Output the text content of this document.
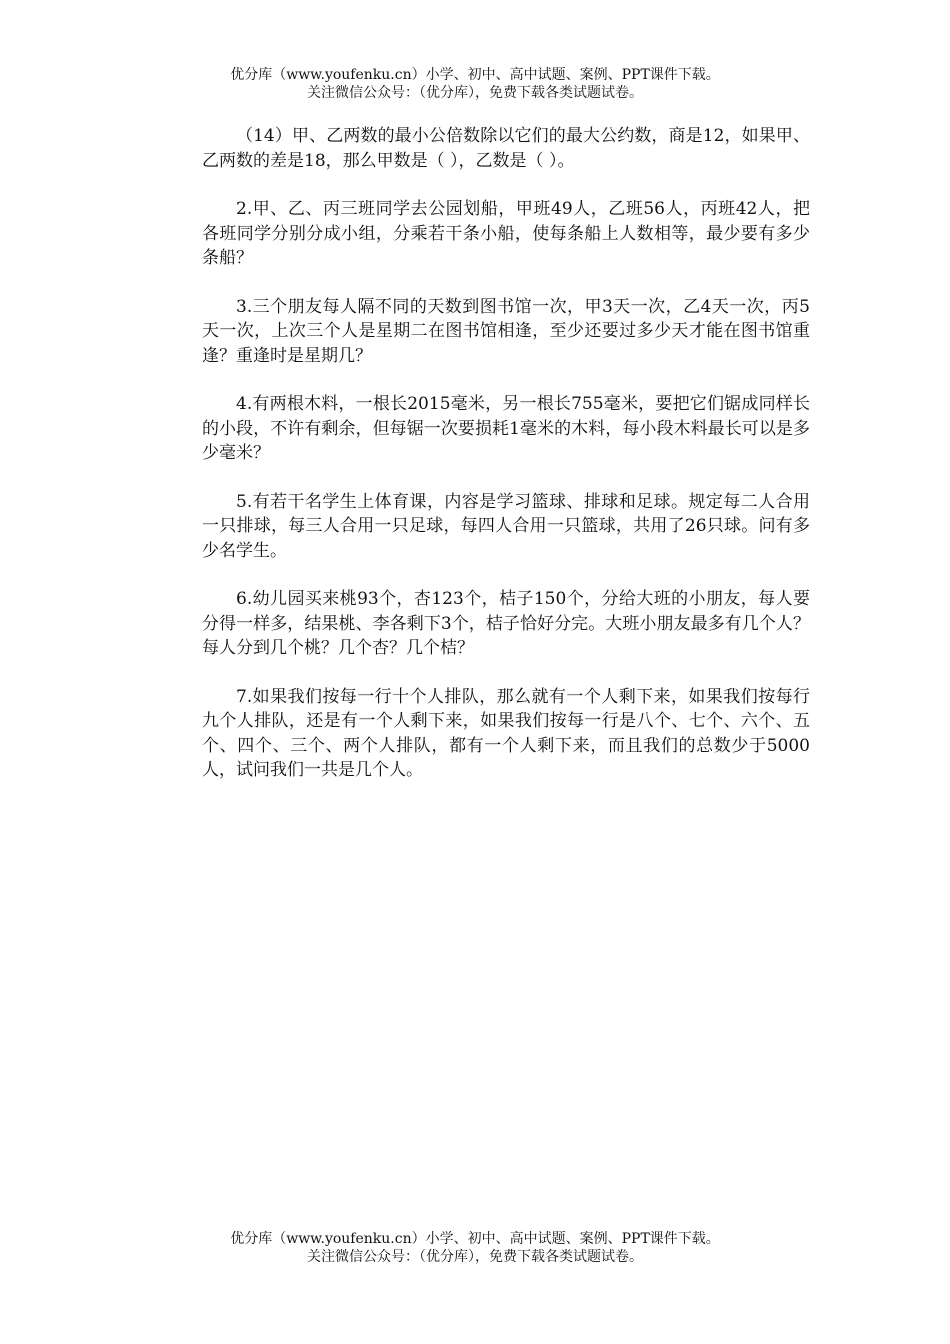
优分库（www.youfenku.cn）小学、初中、高中试题、案例、PPT课件下载。
关注微信公众号：（优分库），免费下载各类试题试卷。

（14）甲、乙两数的最小公倍数除以它们的最大公约数，商是12，如果甲、乙两数的差是18，那么甲数是（ ），乙数是（ ）。

2.甲、乙、丙三班同学去公园划船，甲班49人，乙班56人，丙班42人，把各班同学分别分成小组，分乘若干条小船，使每条船上人数相等，最少要有多少条船？

3.三个朋友每人隔不同的天数到图书馆一次，甲3天一次，乙4天一次，丙5天一次，上次三个人是星期二在图书馆相逢，至少还要过多少天才能在图书馆重逢？重逢时是星期几？

4.有两根木料，一根长2015毫米，另一根长755毫米，要把它们锯成同样长的小段，不许有剩余，但每锯一次要损耗1毫米的木料，每小段木料最长可以是多少毫米？

5.有若干名学生上体育课，内容是学习篮球、排球和足球。规定每二人合用一只排球，每三人合用一只足球，每四人合用一只篮球，共用了26只球。问有多少名学生。

6.幼儿园买来桃93个，杏123个，桔子150个，分给大班的小朋友，每人要分得一样多，结果桃、李各剩下3个，桔子恰好分完。大班小朋友最多有几个人？每人分到几个桃？几个杏？几个桔？

7.如果我们按每一行十个人排队，那么就有一个人剩下来，如果我们按每行九个人排队，还是有一个人剩下来，如果我们按每一行是八个、七个、六个、五个、四个、三个、两个人排队，都有一个人剩下来，而且我们的总数少于5000人，试问我们一共是几个人。

优分库（www.youfenku.cn）小学、初中、高中试题、案例、PPT课件下载。
关注微信公众号：（优分库），免费下载各类试题试卷。
